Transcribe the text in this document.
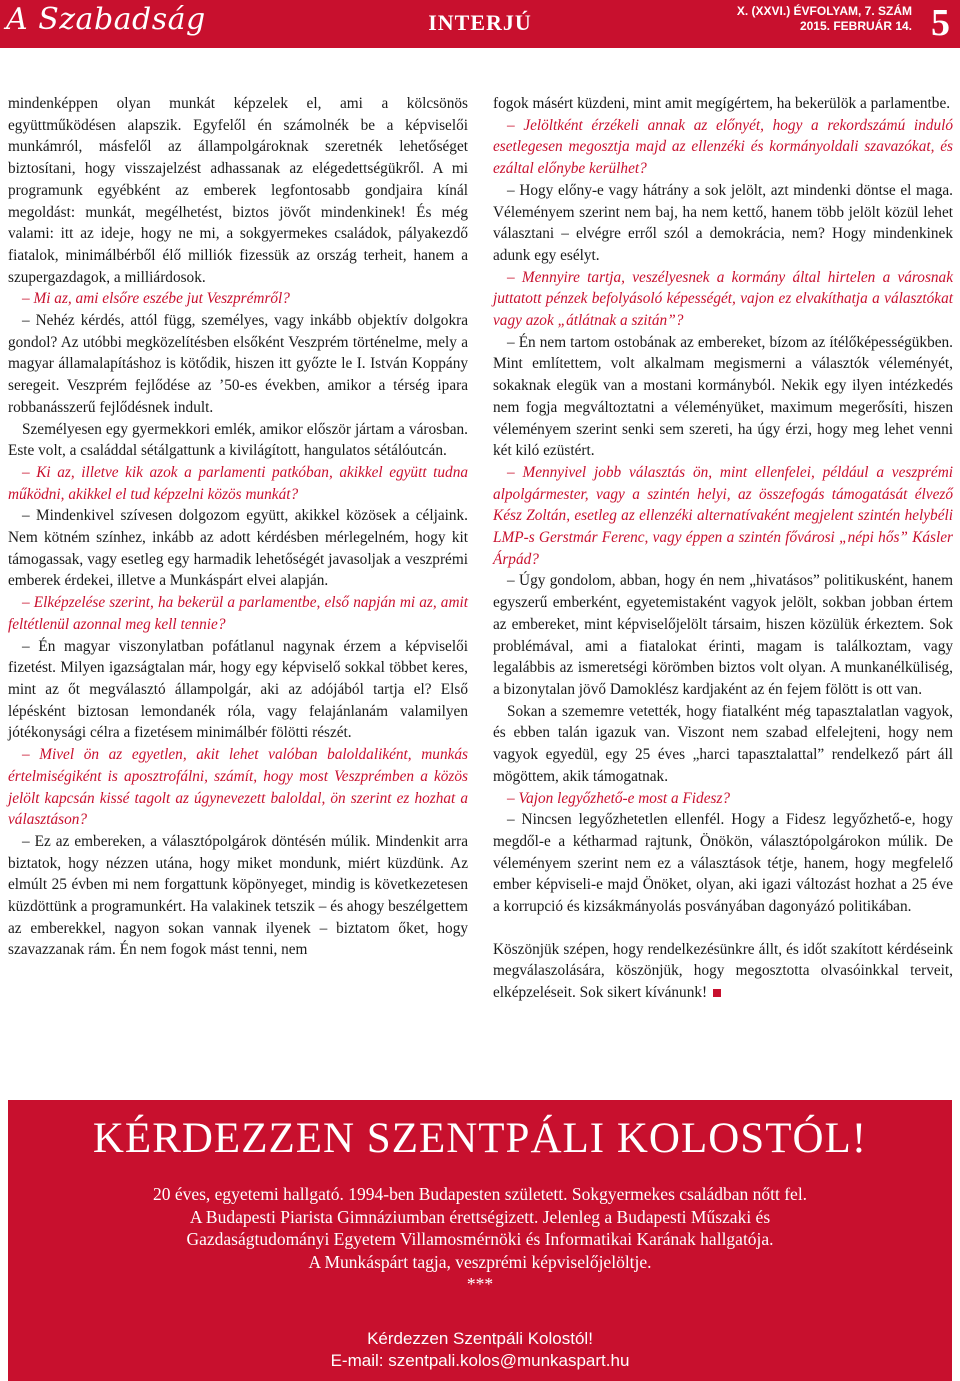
A Szabadság	INTERJÚ	X. (XXVI.) ÉVFOLYAM, 7. SZÁM
2015. FEBRUÁR 14. 5

mindenképpen olyan munkát képzelek el, ami a kölcsönös együttműködésen alapszik. Egyfelől én számolnék be a képviselői munkámról, másfelől az állampolgároknak szeretnék lehetőséget biztosítani, hogy visszajelzést adhassanak az elégedettségükről. A mi programunk egyébként az emberek legfontosabb gondjaira kínál megoldást: munkát, megélhetést, biztos jövőt mindenkinek! És még valami: itt az ideje, hogy ne mi, a sokgyermekes családok, pályakezdő fiatalok, minimálbérből élő milliók fizessük az ország terheit, hanem a szupergazdagok, a milliárdosok.

– Mi az, ami elsőre eszébe jut Veszprémről?

– Nehéz kérdés, attól függ, személyes, vagy inkább objektív dolgokra gondol? Az utóbbi megközelítésben elsőként Veszprém történelme, mely a magyar államalapításhoz is kötődik, hiszen itt győzte le I. István Koppány seregeit. Veszprém fejlődése az ’50-es években, amikor a térség ipara robbanásszerű fejlődésnek indult.

Személyesen egy gyermekkori emlék, amikor először jártam a városban. Este volt, a családdal sétálgattunk a kivilágított, hangulatos sétálóutcán.

– Ki az, illetve kik azok a parlamenti patkóban, akikkel együtt tudna működni, akikkel el tud képzelni közös munkát?

– Mindenkivel szívesen dolgozom együtt, akikkel közösek a céljaink. Nem kötném színhez, inkább az adott kérdésben mérlegelném, hogy kit támogassak, vagy esetleg egy harmadik lehetőségét javasoljak a veszprémi emberek érdekei, illetve a Munkáspárt elvei alapján.

– Elképzelése szerint, ha bekerül a parlamentbe, első napján mi az, amit feltétlenül azonnal meg kell tennie?

– Én magyar viszonylatban pofátlanul nagynak érzem a képviselői fizetést. Milyen igazságtalan már, hogy egy képviselő sokkal többet keres, mint az őt megválasztó állampolgár, aki az adójából tartja el? Első lépésként biztosan lemondanék róla, vagy felajánlanám valamilyen jótékonysági célra a fizetésem minimálbér fölötti részét.

– Mivel ön az egyetlen, akit lehet valóban baloldaliként, munkás értelmiségiként is aposztrofálni, számít, hogy most Veszprémben a közös jelölt kapcsán kissé tagolt az úgynevezett baloldal, ön szerint ez hozhat a választáson?

– Ez az embereken, a választópolgárok döntésén múlik. Mindenkit arra biztatok, hogy nézzen utána, hogy miket mondunk, miért küzdünk. Az elmúlt 25 évben mi nem forgattunk köpönyeget, mindig is következetesen küzdöttünk a programunkért. Ha valakinek tetszik – és ahogy beszélgettem az emberekkel, nagyon sokan vannak ilyenek – biztatom őket, hogy szavazzanak rám. Én nem fogok mást tenni, nem

fogok másért küzdeni, mint amit megígértem, ha bekerülök a parlamentbe.

– Jelöltként érzékeli annak az előnyét, hogy a rekordszámú induló esetlegesen megosztja majd az ellenzéki és kormányoldali szavazókat, és ezáltal előnybe kerülhet?

– Hogy előny-e vagy hátrány a sok jelölt, azt mindenki döntse el maga. Véleményem szerint nem baj, ha nem kettő, hanem több jelölt közül lehet választani – elvégre erről szól a demokrácia, nem? Hogy mindenkinek adunk egy esélyt.

– Mennyire tartja, veszélyesnek a kormány által hirtelen a városnak juttatott pénzek befolyásoló képességét, vajon ez elvakíthatja a választókat vagy azok „átlátnak a szitán”?

– Én nem tartom ostobának az embereket, bízom az ítélőképességükben. Mint említettem, volt alkalmam megismerni a választók véleményét, sokaknak elegük van a mostani kormányból. Nekik egy ilyen intézkedés nem fogja megváltoztatni a véleményüket, maximum megerősíti, hiszen véleményem szerint senki sem szereti, ha úgy érzi, hogy meg lehet venni két kiló ezüstért.

– Mennyivel jobb választás ön, mint ellenfelei, például a veszprémi alpolgármester, vagy a szintén helyi, az összefogás támogatását élvező Kész Zoltán, esetleg az ellenzéki alternatívaként megjelent szintén helybéli LMP-s Gerstmár Ferenc, vagy éppen a szintén fővárosi „népi hős” Kásler Árpád?

– Úgy gondolom, abban, hogy én nem „hivatásos” politikusként, hanem egyszerű emberként, egyetemistaként vagyok jelölt, sokban jobban értem az embereket, mint képviselőjelölt társaim, hiszen közülük érkeztem. Sok problémával, ami a fiatalokat érinti, magam is találkoztam, vagy legalábbis az ismeretségi körömben biztos volt olyan. A munkanélküliség, a bizonytalan jövő Damoklész kardjaként az én fejem fölött is ott van.

Sokan a szememre vetették, hogy fiatalként még tapasztalatlan vagyok, és ebben talán igazuk van. Viszont nem szabad elfelejteni, hogy nem vagyok egyedül, egy 25 éves „harci tapasztalattal” rendelkező párt áll mögöttem, akik támogatnak.

– Vajon legyőzhető-e most a Fidesz?

– Nincsen legyőzhetetlen ellenfél. Hogy a Fidesz legyőzhető-e, hogy megdől-e a kétharmad rajtunk, Önökön, választópolgárokon múlik. De véleményem szerint nem ez a választások tétje, hanem, hogy megfelelő ember képviseli-e majd Önöket, olyan, aki igazi változást hozhat a 25 éve a korrupció és kizsákmányolás posványában dagonyázó politikában.

Köszönjük szépen, hogy rendelkezésünkre állt, és időt szakított kérdéseink megválaszolására, köszönjük, hogy megosztotta olvasóinkkal terveit, elképzeléseit. Sok sikert kívánunk!

KÉRDEZZEN SZENTPÁLI KOLOSTÓL!

20 éves, egyetemi hallgató. 1994-ben Budapesten született. Sokgyermekes családban nőtt fel.

A Budapesti Piarista Gimnáziumban érettségizett. Jelenleg a Budapesti Műszaki és

Gazdaságtudományi Egyetem Villamosmérnöki és Informatikai Karának hallgatója.

A Munkáspárt tagja, veszprémi képviselőjelöltje.

***

Kérdezzen Szentpáli Kolostól!

E-mail: szentpali.kolos@munkaspart.hu
